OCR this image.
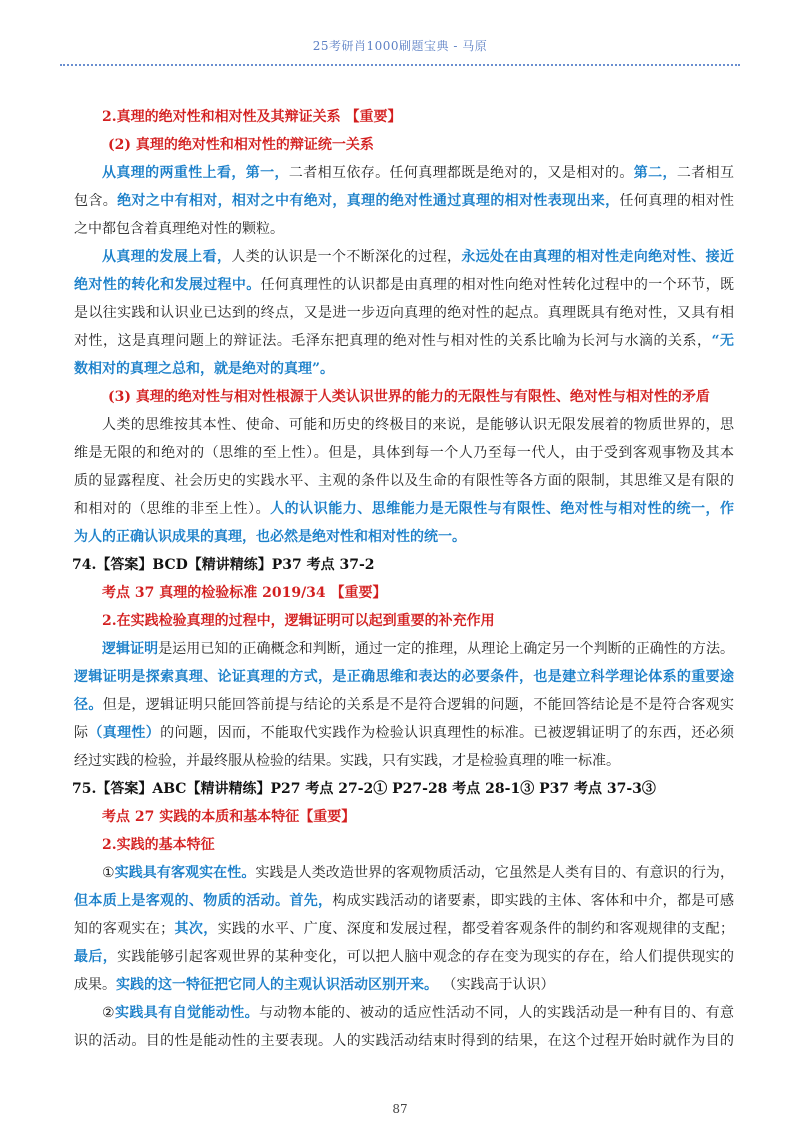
25考研肖1000刷题宝典 - 马原
2.真理的绝对性和相对性及其辩证关系 【重要】
(2) 真理的绝对性和相对性的辩证统一关系
从真理的两重性上看，第一，二者相互依存。任何真理都既是绝对的，又是相对的。第二，二者相互
包含。绝对之中有相对，相对之中有绝对，真理的绝对性通过真理的相对性表现出来，任何真理的相对性
之中都包含着真理绝对性的颗粒。
从真理的发展上看，人类的认识是一个不断深化的过程，永远处在由真理的相对性走向绝对性、接近
绝对性的转化和发展过程中。任何真理性的认识都是由真理的相对性向绝对性转化过程中的一个环节，既
是以往实践和认识业已达到的终点，又是进一步迈向真理的绝对性的起点。真理既具有绝对性，又具有相
对性，这是真理问题上的辩证法。毛泽东把真理的绝对性与相对性的关系比喻为长河与水滴的关系，“无
数相对的真理之总和，就是绝对的真理”。
(3) 真理的绝对性与相对性根源于人类认识世界的能力的无限性与有限性、绝对性与相对性的矛盾
人类的思维按其本性、使命、可能和历史的终极目的来说，是能够认识无限发展着的物质世界的，思
维是无限的和绝对的（思维的至上性）。但是，具体到每一个人乃至每一代人，由于受到客观事物及其本
质的显露程度、社会历史的实践水平、主观的条件以及生命的有限性等各方面的限制，其思维又是有限的
和相对的（思维的非至上性）。人的认识能力、思维能力是无限性与有限性、绝对性与相对性的统一，作
为人的正确认识成果的真理，也必然是绝对性和相对性的统一。
74.【答案】BCD【精讲精练】P37 考点 37-2
考点 37 真理的检验标准 2019/34 【重要】
2.在实践检验真理的过程中，逻辑证明可以起到重要的补充作用
逻辑证明是运用已知的正确概念和判断，通过一定的推理，从理论上确定另一个判断的正确性的方法。
逻辑证明是探索真理、论证真理的方式，是正确思维和表达的必要条件，也是建立科学理论体系的重要途
径。但是，逻辑证明只能回答前提与结论的关系是不是符合逻辑的问题，不能回答结论是不是符合客观实
际（真理性）的问题，因而，不能取代实践作为检验认识真理性的标准。已被逻辑证明了的东西，还必须
经过实践的检验，并最终服从检验的结果。实践，只有实践，才是检验真理的唯一标准。
75.【答案】ABC【精讲精练】P27 考点 27-2① P27-28 考点 28-1③ P37 考点 37-3③
考点 27 实践的本质和基本特征【重要】
2.实践的基本特征
①实践具有客观实在性。实践是人类改造世界的客观物质活动，它虽然是人类有目的、有意识的行为，
但本质上是客观的、物质的活动。首先，构成实践活动的诸要素，即实践的主体、客体和中介，都是可感
知的客观实在；其次，实践的水平、广度、深度和发展过程，都受着客观条件的制约和客观规律的支配；
最后，实践能够引起客观世界的某种变化，可以把人脑中观念的存在变为现实的存在，给人们提供现实的
成果。实践的这一特征把它同人的主观认识活动区别开来。 （实践高于认识）
②实践具有自觉能动性。与动物本能的、被动的适应性活动不同，人的实践活动是一种有目的、有意
识的活动。目的性是能动性的主要表现。人的实践活动结束时得到的结果，在这个过程开始时就作为目的
87
